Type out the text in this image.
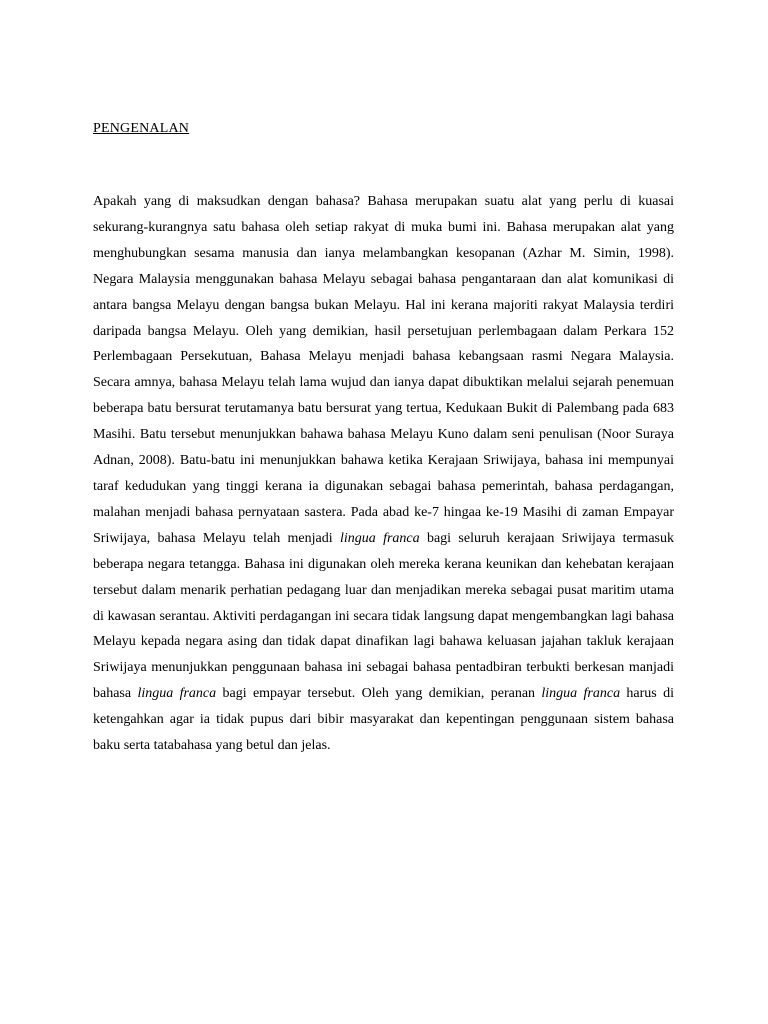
PENGENALAN

Apakah yang di maksudkan dengan bahasa? Bahasa merupakan suatu alat yang perlu di kuasai sekurang-kurangnya satu bahasa oleh setiap rakyat di muka bumi ini. Bahasa merupakan alat yang menghubungkan sesama manusia dan ianya melambangkan kesopanan (Azhar M. Simin, 1998). Negara Malaysia menggunakan bahasa Melayu sebagai bahasa pengantaraan dan alat komunikasi di antara bangsa Melayu dengan bangsa bukan Melayu. Hal ini kerana majoriti rakyat Malaysia terdiri daripada bangsa Melayu. Oleh yang demikian, hasil persetujuan perlembagaan dalam Perkara 152 Perlembagaan Persekutuan, Bahasa Melayu menjadi bahasa kebangsaan rasmi Negara Malaysia. Secara amnya, bahasa Melayu telah lama wujud dan ianya dapat dibuktikan melalui sejarah penemuan beberapa batu bersurat terutamanya batu bersurat yang tertua, Kedukaan Bukit di Palembang pada 683 Masihi. Batu tersebut menunjukkan bahawa bahasa Melayu Kuno dalam seni penulisan (Noor Suraya Adnan, 2008). Batu-batu ini menunjukkan bahawa ketika Kerajaan Sriwijaya, bahasa ini mempunyai taraf kedudukan yang tinggi kerana ia digunakan sebagai bahasa pemerintah, bahasa perdagangan, malahan menjadi bahasa pernyataan sastera. Pada abad ke-7 hingaa ke-19 Masihi di zaman Empayar Sriwijaya, bahasa Melayu telah menjadi lingua franca bagi seluruh kerajaan Sriwijaya termasuk beberapa negara tetangga. Bahasa ini digunakan oleh mereka kerana keunikan dan kehebatan kerajaan tersebut dalam menarik perhatian pedagang luar dan menjadikan mereka sebagai pusat maritim utama di kawasan serantau. Aktiviti perdagangan ini secara tidak langsung dapat mengembangkan lagi bahasa Melayu kepada negara asing dan tidak dapat dinafikan lagi bahawa keluasan jajahan takluk kerajaan Sriwijaya menunjukkan penggunaan bahasa ini sebagai bahasa pentadbiran terbukti berkesan manjadi bahasa lingua franca bagi empayar tersebut. Oleh yang demikian, peranan lingua franca harus di ketengahkan agar ia tidak pupus dari bibir masyarakat dan kepentingan penggunaan sistem bahasa baku serta tatabahasa yang betul dan jelas.
